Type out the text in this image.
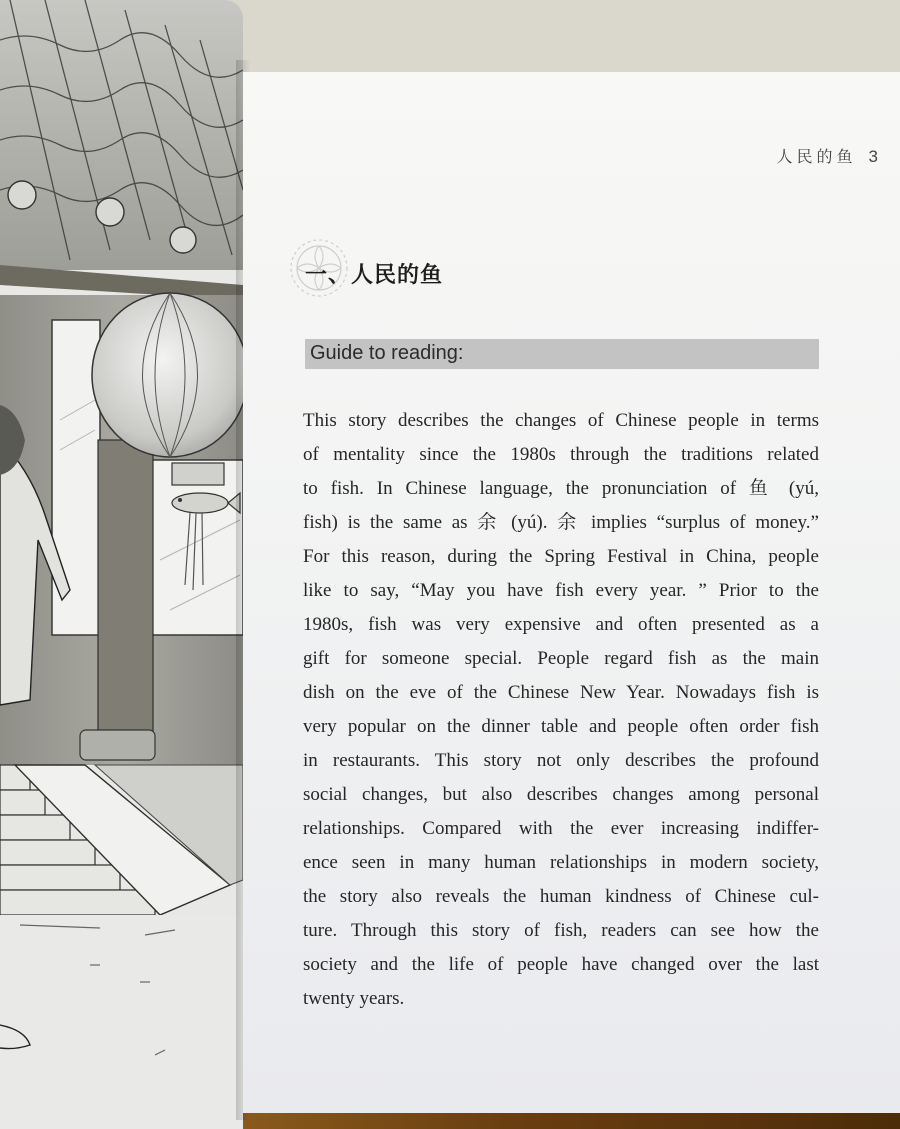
人民的鱼 3
一、人民的鱼
Guide to reading:
This story describes the changes of Chinese people in terms
of mentality since the 1980s through the traditions related
to fish. In Chinese language, the pronunciation of 鱼 (yú,
fish) is the same as 余 (yú). 余 implies “surplus of money.”
For this reason, during the Spring Festival in China, people
like to say, “May you have fish every year. ” Prior to the
1980s, fish was very expensive and often presented as a
gift for someone special. People regard fish as the main
dish on the eve of the Chinese New Year. Nowadays fish is
very popular on the dinner table and people often order fish
in restaurants. This story not only describes the profound
social changes, but also describes changes among personal
relationships. Compared with the ever increasing indiffer-
ence seen in many human relationships in modern society,
the story also reveals the human kindness of Chinese cul-
ture. Through this story of fish, readers can see how the
society and the life of people have changed over the last
twenty years.
